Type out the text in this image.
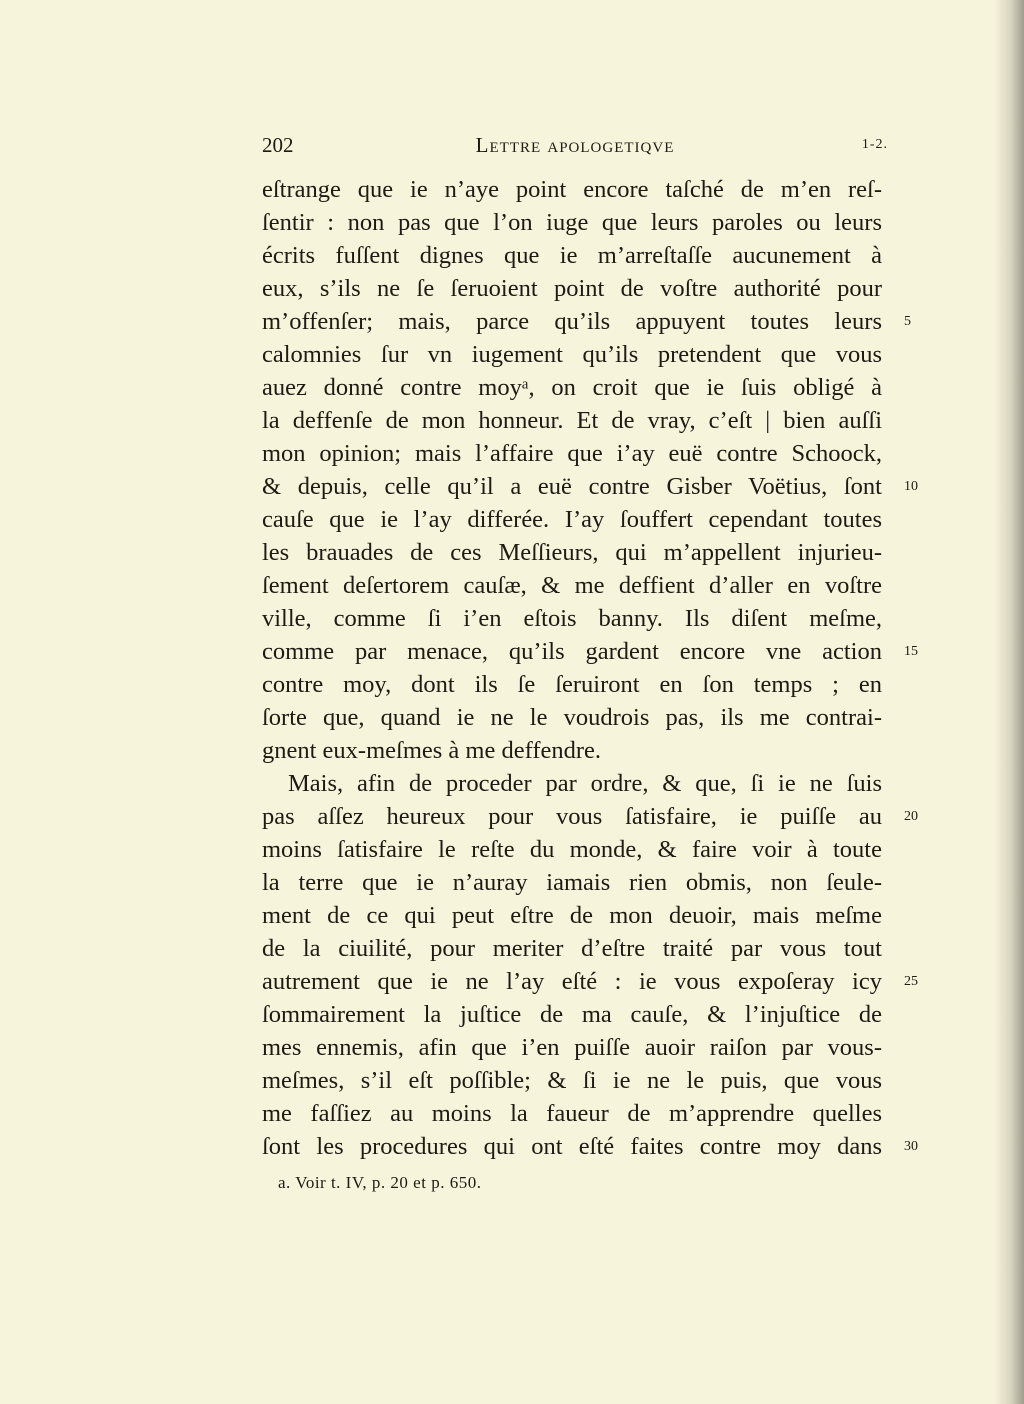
202	Lettre apologetiqve	1-2.
eſtrange que ie n’aye point encore taſché de m’en reſ-
ſentir : non pas que l’on iuge que leurs paroles ou leurs
écrits fuſſent dignes que ie m’arreſtaſſe aucunement à
eux, s’ils ne ſe ſeruoient point de voſtre authorité pour
m’offenſer; mais, parce qu’ils appuyent toutes leurs
calomnies ſur vn iugement qu’ils pretendent que vous
auez donné contre moyᵃ, on croit que ie ſuis obligé à
la deffenſe de mon honneur. Et de vray, c’eſt | bien auſſi
mon opinion; mais l’affaire que i’ay euë contre Schoock,
& depuis, celle qu’il a euë contre Gisber Voëtius, ſont
cauſe que ie l’ay differée. I’ay ſouffert cependant toutes
les brauades de ces Meſſieurs, qui m’appellent injurieu-
ſement deſertorem cauſæ, & me deffient d’aller en voſtre
ville, comme ſi i’en eſtois banny. Ils diſent meſme,
comme par menace, qu’ils gardent encore vne action
contre moy, dont ils ſe ſeruiront en ſon temps ; en
ſorte que, quand ie ne le voudrois pas, ils me contrai-
gnent eux-meſmes à me deffendre.
Mais, afin de proceder par ordre, & que, ſi ie ne ſuis
pas aſſez heureux pour vous ſatisfaire, ie puiſſe au
moins ſatisfaire le reſte du monde, & faire voir à toute
la terre que ie n’auray iamais rien obmis, non ſeule-
ment de ce qui peut eſtre de mon deuoir, mais meſme
de la ciuilité, pour meriter d’eſtre traité par vous tout
autrement que ie ne l’ay eſté : ie vous expoſeray icy
ſommairement la juſtice de ma cauſe, & l’injuſtice de
mes ennemis, afin que i’en puiſſe auoir raiſon par vous-
meſmes, s’il eſt poſſible; & ſi ie ne le puis, que vous
me faſſiez au moins la faueur de m’apprendre quelles
ſont les procedures qui ont eſté faites contre moy dans
5
10
15
20
25
30
a. Voir t. IV, p. 20 et p. 650.
